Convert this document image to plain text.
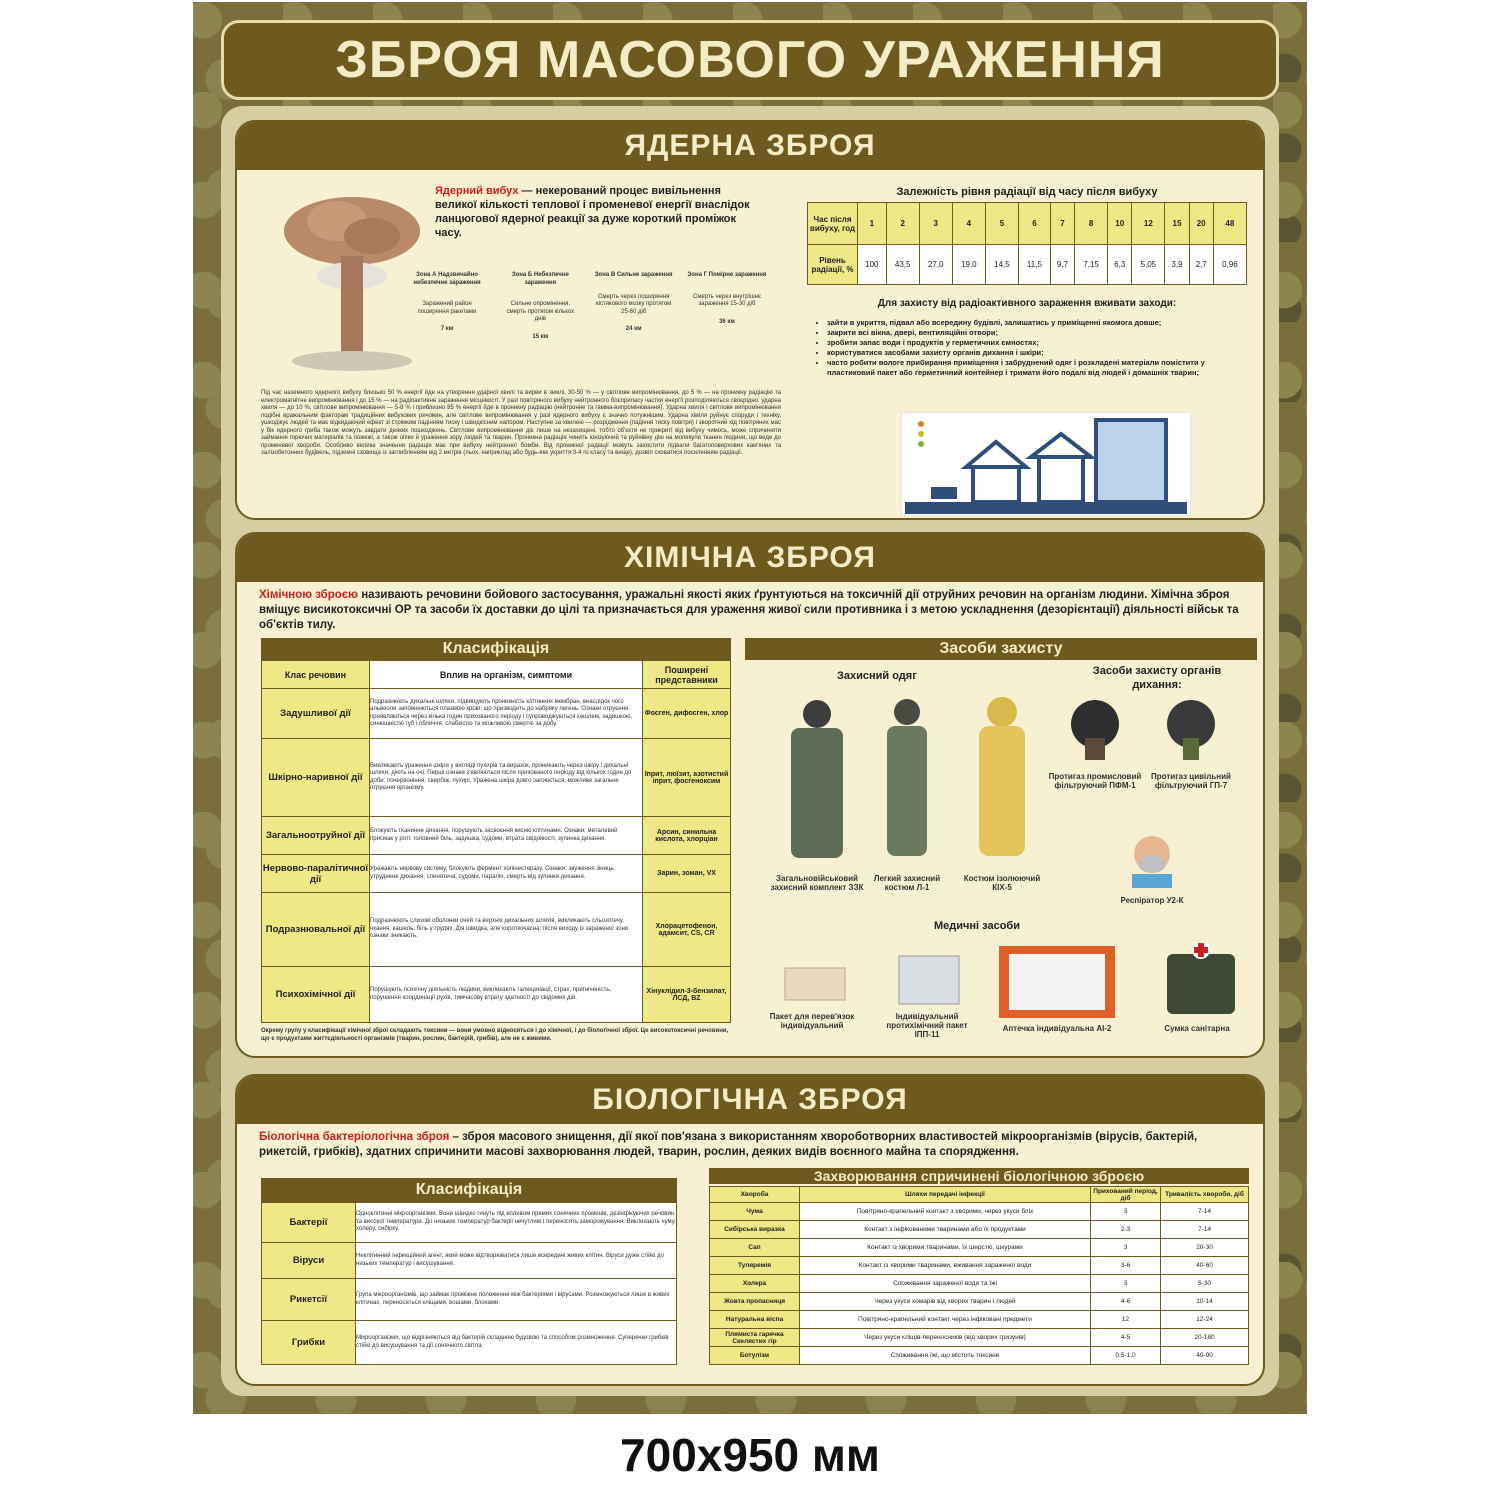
ЗБРОЯ МАСОВОГО УРАЖЕННЯ
ЯДЕРНА ЗБРОЯ
Ядерний вибух — некерований процес вивільнення великої кількості теплової і променевої енергії внаслідок ланцюгової ядерної реакції за дуже короткий проміжок часу.
Зона А Надзвичайно небезпечне зараження
Заражений район поширення ракетами
7 км
Зона Б Небезпечне зараження
Сильне опромінення, смерть протягом кількох днів
15 км
Зона В Сильне зараження
Смерть через поширення кістякового мозку протягом 25-60 діб
24 км
Зона Г Помірне зараження
Смерть через внутрішнє зараження 15-30 діб
36 км
Під час наземного ядерного вибуху близько 50 % енергії йде на утворення ударної хвилі та вирви в землі, 30-50 % — у світлове випромінювання, до 5 % — на проникну радіацію та електромагнітне випромінювання і до 15 % — на радіоактивне зараження місцевості. У разі повітряного вибуху нейтронного боєприпасу частки енергії розподіляються своєрідно: ударна хвиля — до 10 %, світлове випромінювання — 5-8 % і приблизно 85 % енергії йде в проникну радіацію (нейтронне та гамма-випромінювання). Ударна хвиля і світлове випромінювання подібні вражальним факторам традиційних вибухових речовин, але світлове випромінювання у разі ядерного вибуху є значно потужнішим. Ударна хвиля руйнує споруди і техніку, ушкоджує людей та має відкидаючий ефект зі стрімким падінням тиску і швидкісним напором. Наступне за хвилею — розрідження (падіння тиску повітря) і зворотний хід повітряних мас у бік ядерного гриба також можуть завдати деяких пошкоджень. Світлове випромінювання діє лише на незахищені, тобто об'єкти не прикриті від вибуху чимось, може спричиняти займання горючих матеріалів та пожежі, а також опіки й ураження зору людей та тварин. Проникна радіація чинить іонізуючий та руйнівну дію на молекули тканин людини, що веде до променевої хвороби. Особливо велике значення радіація має при вибуху нейтронної бомби. Від проникної радіації можуть захистити підвали багатоповерхових кам'яних та залізобетонних будівель, підземні сховища із заглибленням від 2 метрів (льох, наприклад або будь-яке укриття 3-4 го класу та вище), дозвіл сховатися посиленням радіації.
Залежність рівня радіації від часу після вибуху
Час після вибуху, год	1	2	3	4	5	6	7	8	10	12	15	20	48
Рівень радіації, %	100	43,5	27,0	19,0	14,5	11,5	9,7	7,15	6,3	5,05	3,9	2,7	0,96
Для захисту від радіоактивного зараження вживати заходи:
• зайти в укриття, підвал або всередину будівлі, залишатись у приміщенні якомога довше;
• закрити всі вікна, двері, вентиляційні отвори;
• зробити запас води і продуктів у герметичних ємностях;
• користуватися засобами захисту органів дихання і шкіри;
• часто робити вологе прибирання приміщення і забруднений одяг і розкладені матеріали помістити у пластиковий пакет або герметичний контейнер і тримати його подалі від людей і домашніх тварин;
ХІМІЧНА ЗБРОЯ
Хімічною зброєю називають речовини бойового застосування, уражальні якості яких ґрунтуються на токсичній дії отруйних речовин на організм людини. Хімічна зброя вміщує висикотоксичні ОР та засоби їх доставки до цілі та призначається для ураження живої сили противника і з метою ускладнення (дезорієнтації) діяльності військ та об'єктів тилу.
Класифікація
Клас речовин	Вплив на організм, симптоми	Поширені представники
Задушливої дії	Подразнюють дихальні шляхи, підвищують проникність клітинних мембран, внаслідок чого альвеоли заповнюються плазмою крові, що призводить до набряку легень. Ознаки отруєння проявляються через кілька годин прихованого періоду і супроводжуються кашлем, задишкою, синюшністю губ і обличчя, слабкістю та можливою смертю за добу.	Фосген, дифосген, хлор
Шкірно-наривної дії	Викликають ураження шкіри у вигляді пухирів та виразок, проникають через шкіру і дихальні шляхи, діють на очі. Перші ознаки з'являються після прихованого періоду від кількох годин до доби: почервоніння, свербіж, пухирі. Уражена шкіра довго загоюється, можливе загальне отруєння організму.	Іприт, люїзит, азотистий іприт, фосгеноксим
Загальноотруйної дії	Блокують тканинне дихання, порушують засвоєння кисню клітинами. Ознаки: металевий присмак у роті, головний біль, задишка, судоми, втрата свідомості, зупинка дихання.	Арсин, синильна кислота, хлорціан
Нервово-паралітичної дії	Уражають нервову систему, блокують фермент холінестеразу. Ознаки: звуження зіниць, утруднене дихання, слинотеча, судоми, параліч, смерть від зупинки дихання.	Зарин, зоман, VX
Подразнювальної дії	Подразнюють слизові оболонки очей та верхніх дихальних шляхів, викликають сльозотечу, чхання, кашель, біль у грудях. Дія швидка, але короткочасна; після виходу із зараженої зони ознаки зникають.	Хлорацетофенон, адамсит, CS, CR
Психохімічної дії	Порушують психічну діяльність людини, викликають галюцинації, страх, пригніченість, порушення координації рухів, тимчасову втрату здатності до свідомих дій.	Хінуклідил-3-бензилат, ЛСД, BZ
Окрему групу у класифікації хімічної зброї складають токсини — вони умовно відносяться і до хімічної, і до біологічної зброї. Це високотоксичні речовини, що є продуктами життєдіяльності організмів (тварин, рослин, бактерій, грибів), але не є живими.
Засоби захисту
Захисний одяг	Засоби захисту органів дихання:
Загальновійськовий захисний комплект ЗЗК
Легкий захисний костюм Л-1
Костюм ізолюючий КІХ-5
Протигаз промисловий фільтруючий ПФМ-1
Протигаз цивільний фільтруючий ГП-7
Респіратор У2-К
Медичні засоби
Пакет для перев'язок індивідуальний
Індивідуальний протихімічний пакет ІПП-11
Аптечка індивідуальна АІ-2	Сумка санітарна
БІОЛОГІЧНА ЗБРОЯ
Біологічна бактеріологічна зброя – зброя масового знищення, дії якої пов'язана з використанням хвороботворних властивостей мікроорганізмів (вірусів, бактерій, рикетсій, грибків), здатних спричинити масові захворювання людей, тварин, рослин, деяких видів воєнного майна та спорядження.
Класифікація
Бактерії	Одноклітинні мікроорганізми. Вони швидко гинуть під впливом прямих сонячних променів, дезінфікуючих речовин та високої температури. До низьких температур бактерії нечутливі і переносять заморожування. Викликають чуму, холеру, сибірку.
Віруси	Неклітинний інфекційний агент, який може відтворюватися лише всередині живих клітин. Віруси дуже стійкі до низьких температур і висушування.
Рикетсії	Група мікроорганізмів, що займає проміжне положення між бактеріями і вірусами. Розмножуються лише в живих клітинах, переносяться кліщами, вошами, блохами.
Грибки	Мікроорганізми, що відрізняються від бактерій складною будовою та способом розмноження. Суперечки грибків стійкі до висушування та дії сонячного світла.
Захворювання спричинені біологічною зброєю
Хвороба	Шляхи передачі інфекції	Прихований період, діб	Тривалість хвороби, діб
Чума	Повітряно-крапельний контакт з хворими, через укуси бліх	3	7-14
Сибірська виразка	Контакт з інфікованими тваринами або їх продуктами	2-3	7-14
Сап	Контакт із хворими тваринами, їх шерстю, шкурами	3	20-30
Туляремія	Контакт із хворими тваринами, вживання зараженої води	3-6	40-60
Холера	Споживання зараженої води та їжі	3	5-30
Жовта пропасниця	Через укуси комарів від хворих тварин і людей	4-6	10-14
Натуральна віспа	Повітряно-крапельний контакт через інфіковані предмети	12	12-24
Плямиста гарячка Скелястих гір	Через укуси кліщів-переносників (від хворих гризунів)	4-5	20-180
Ботулізм	Споживання їжі, що містить токсини	0,5-1,0	40-90
700x950 мм
